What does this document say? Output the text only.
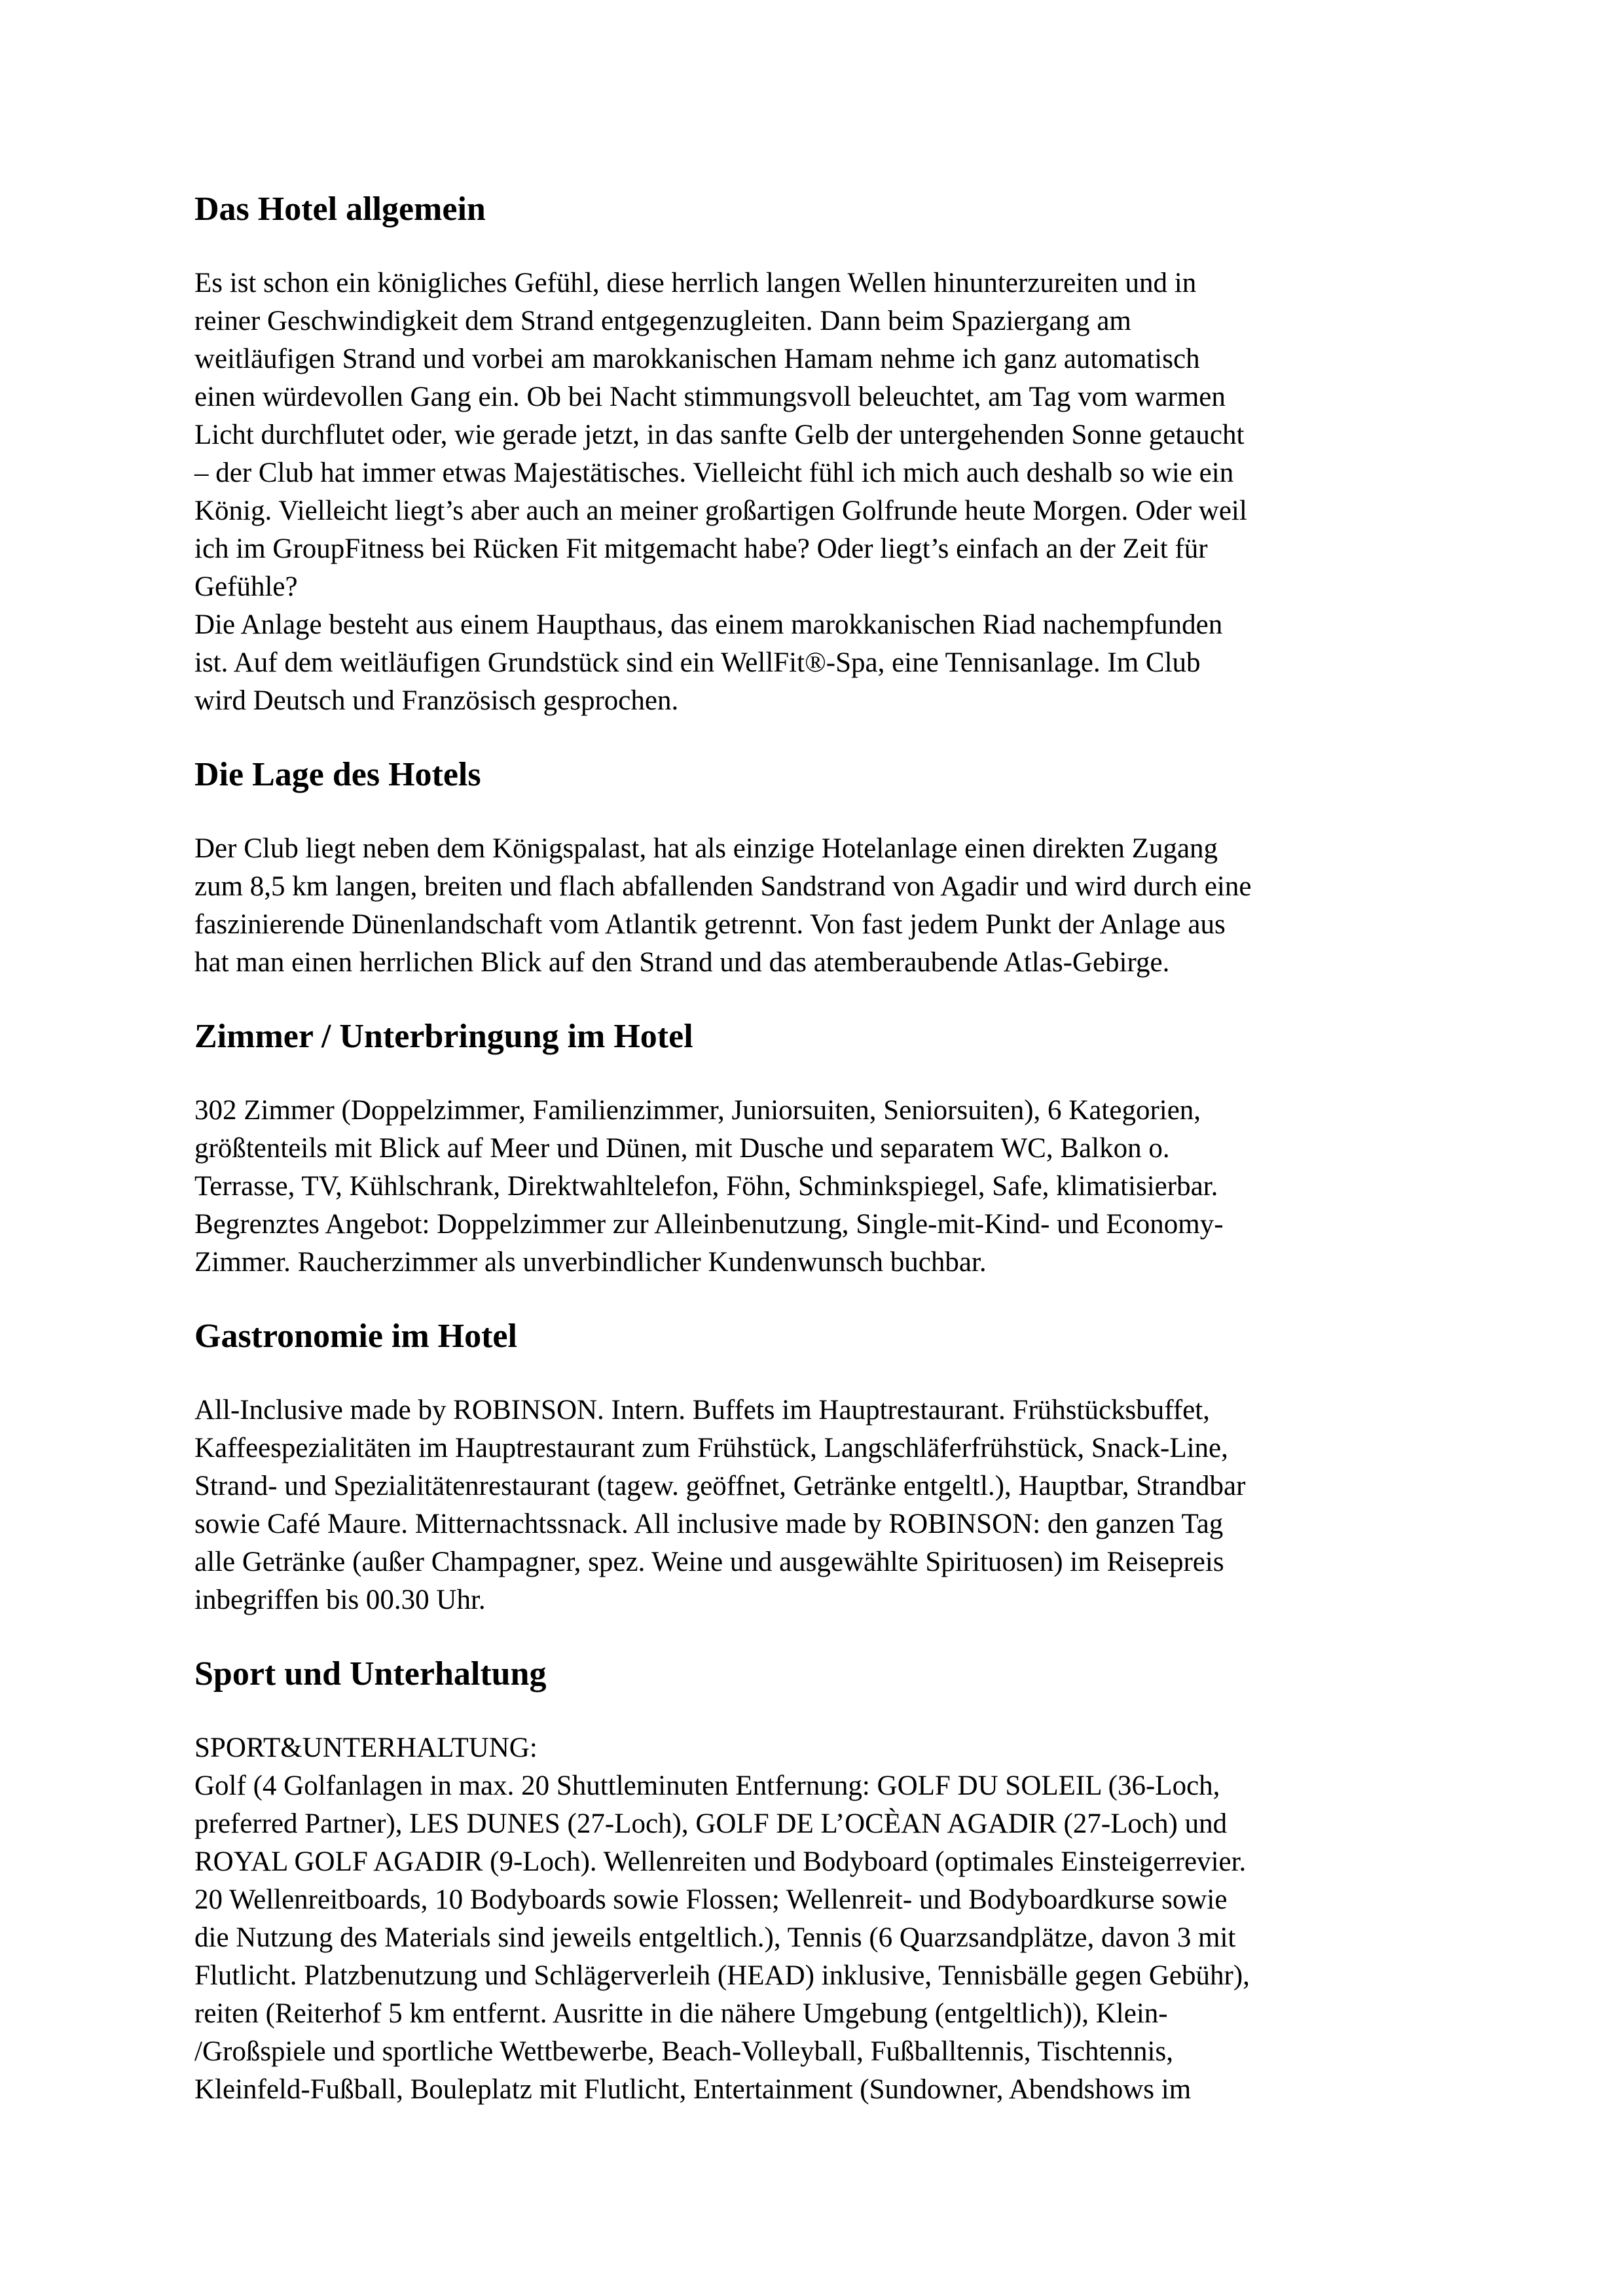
Das Hotel allgemein

Es ist schon ein königliches Gefühl, diese herrlich langen Wellen hinunterzureiten und in
reiner Geschwindigkeit dem Strand entgegenzugleiten. Dann beim Spaziergang am
weitläufigen Strand und vorbei am marokkanischen Hamam nehme ich ganz automatisch
einen würdevollen Gang ein. Ob bei Nacht stimmungsvoll beleuchtet, am Tag vom warmen
Licht durchflutet oder, wie gerade jetzt, in das sanfte Gelb der untergehenden Sonne getaucht
– der Club hat immer etwas Majestätisches. Vielleicht fühl ich mich auch deshalb so wie ein
König. Vielleicht liegt’s aber auch an meiner großartigen Golfrunde heute Morgen. Oder weil
ich im GroupFitness bei Rücken Fit mitgemacht habe? Oder liegt’s einfach an der Zeit für
Gefühle?
Die Anlage besteht aus einem Haupthaus, das einem marokkanischen Riad nachempfunden
ist. Auf dem weitläufigen Grundstück sind ein WellFit®-Spa, eine Tennisanlage. Im Club
wird Deutsch und Französisch gesprochen.

Die Lage des Hotels

Der Club liegt neben dem Königspalast, hat als einzige Hotelanlage einen direkten Zugang
zum 8,5 km langen, breiten und flach abfallenden Sandstrand von Agadir und wird durch eine
faszinierende Dünenlandschaft vom Atlantik getrennt. Von fast jedem Punkt der Anlage aus
hat man einen herrlichen Blick auf den Strand und das atemberaubende Atlas-Gebirge.

Zimmer / Unterbringung im Hotel

302 Zimmer (Doppelzimmer, Familienzimmer, Juniorsuiten, Seniorsuiten), 6 Kategorien,
größtenteils mit Blick auf Meer und Dünen, mit Dusche und separatem WC, Balkon o.
Terrasse, TV, Kühlschrank, Direktwahltelefon, Föhn, Schminkspiegel, Safe, klimatisierbar.
Begrenztes Angebot: Doppelzimmer zur Alleinbenutzung, Single-mit-Kind- und Economy-
Zimmer. Raucherzimmer als unverbindlicher Kundenwunsch buchbar.

Gastronomie im Hotel

All-Inclusive made by ROBINSON. Intern. Buffets im Hauptrestaurant. Frühstücksbuffet,
Kaffeespezialitäten im Hauptrestaurant zum Frühstück, Langschläferfrühstück, Snack-Line,
Strand- und Spezialitätenrestaurant (tagew. geöffnet, Getränke entgeltl.), Hauptbar, Strandbar
sowie Café Maure. Mitternachtssnack. All inclusive made by ROBINSON: den ganzen Tag
alle Getränke (außer Champagner, spez. Weine und ausgewählte Spirituosen) im Reisepreis
inbegriffen bis 00.30 Uhr.

Sport und Unterhaltung

SPORT&UNTERHALTUNG:
Golf (4 Golfanlagen in max. 20 Shuttleminuten Entfernung: GOLF DU SOLEIL (36-Loch,
preferred Partner), LES DUNES (27-Loch), GOLF DE L’OCÈAN AGADIR (27-Loch) und
ROYAL GOLF AGADIR (9-Loch). Wellenreiten und Bodyboard (optimales Einsteigerrevier.
20 Wellenreitboards, 10 Bodyboards sowie Flossen; Wellenreit- und Bodyboardkurse sowie
die Nutzung des Materials sind jeweils entgeltlich.), Tennis (6 Quarzsandplätze, davon 3 mit
Flutlicht. Platzbenutzung und Schlägerverleih (HEAD) inklusive, Tennisbälle gegen Gebühr),
reiten (Reiterhof 5 km entfernt. Ausritte in die nähere Umgebung (entgeltlich)), Klein-
/Großspiele und sportliche Wettbewerbe, Beach-Volleyball, Fußballtennis, Tischtennis,
Kleinfeld-Fußball, Bouleplatz mit Flutlicht, Entertainment (Sundowner, Abendshows im
